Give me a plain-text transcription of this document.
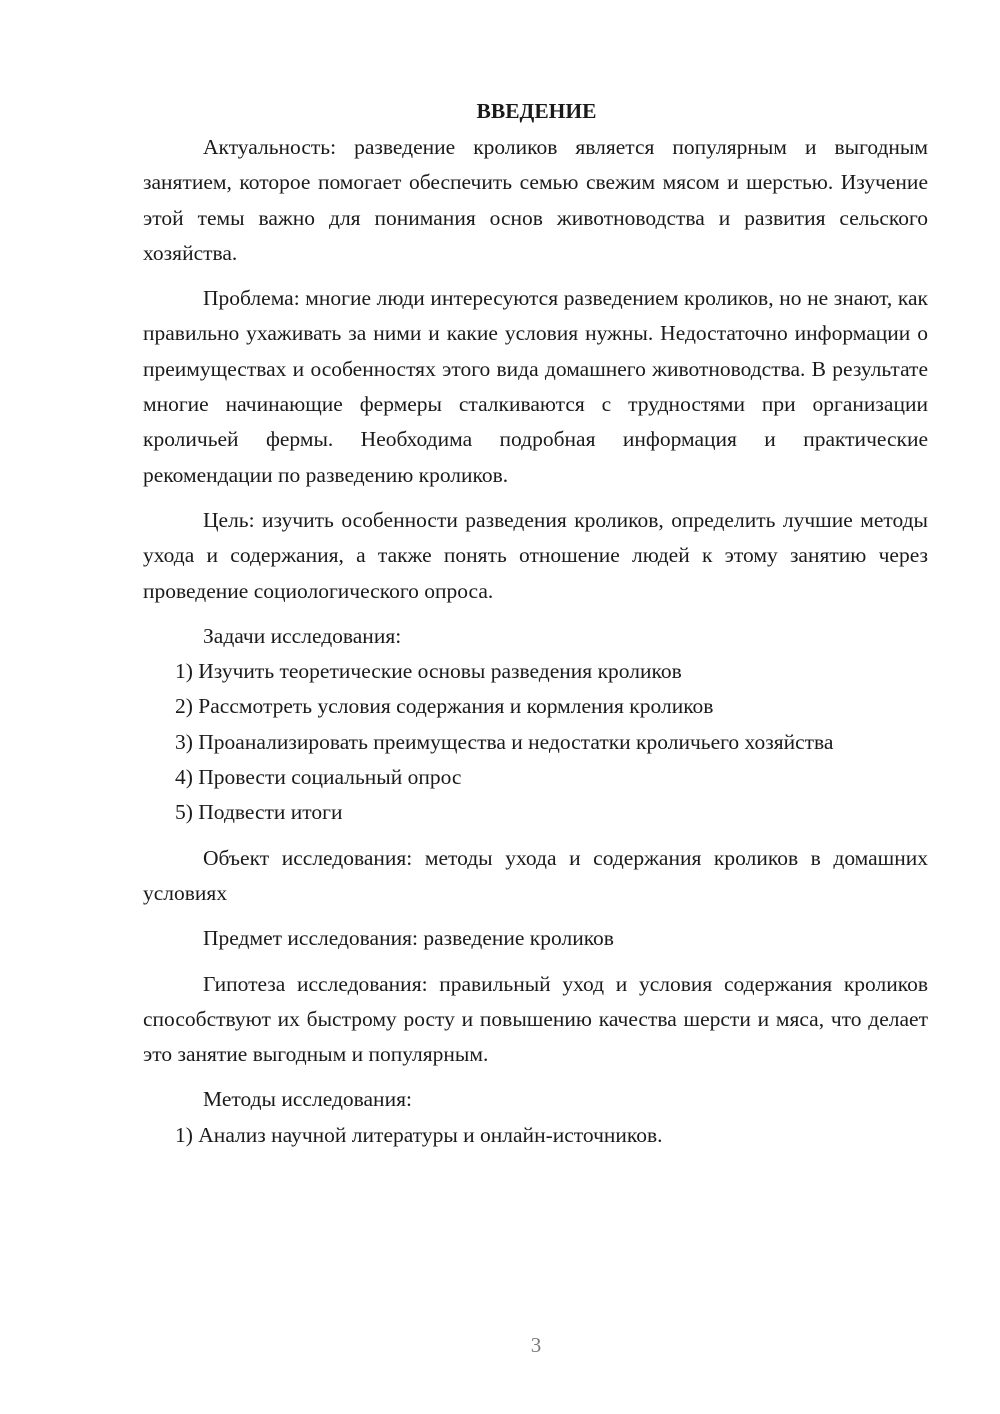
ВВЕДЕНИЕ

Актуальность: разведение кроликов является популярным и выгодным занятием, которое помогает обеспечить семью свежим мясом и шерстью. Изучение этой темы важно для понимания основ животноводства и развития сельского хозяйства.

Проблема: многие люди интересуются разведением кроликов, но не знают, как правильно ухаживать за ними и какие условия нужны. Недостаточно информации о преимуществах и особенностях этого вида домашнего животноводства. В результате многие начинающие фермеры сталкиваются с трудностями при организации кроличьей фермы. Необходима подробная информация и практические рекомендации по разведению кроликов.

Цель: изучить особенности разведения кроликов, определить лучшие методы ухода и содержания, а также понять отношение людей к этому занятию через проведение социологического опроса.

Задачи исследования:

1) Изучить теоретические основы разведения кроликов

2) Рассмотреть условия содержания и кормления кроликов

3) Проанализировать преимущества и недостатки кроличьего хозяйства

4) Провести социальный опрос

5) Подвести итоги

Объект исследования: методы ухода и содержания кроликов в домашних условиях

Предмет исследования: разведение кроликов

Гипотеза исследования: правильный уход и условия содержания кроликов способствуют их быстрому росту и повышению качества шерсти и мяса, что делает это занятие выгодным и популярным.

Методы исследования:

1) Анализ научной литературы и онлайн-источников.

3
